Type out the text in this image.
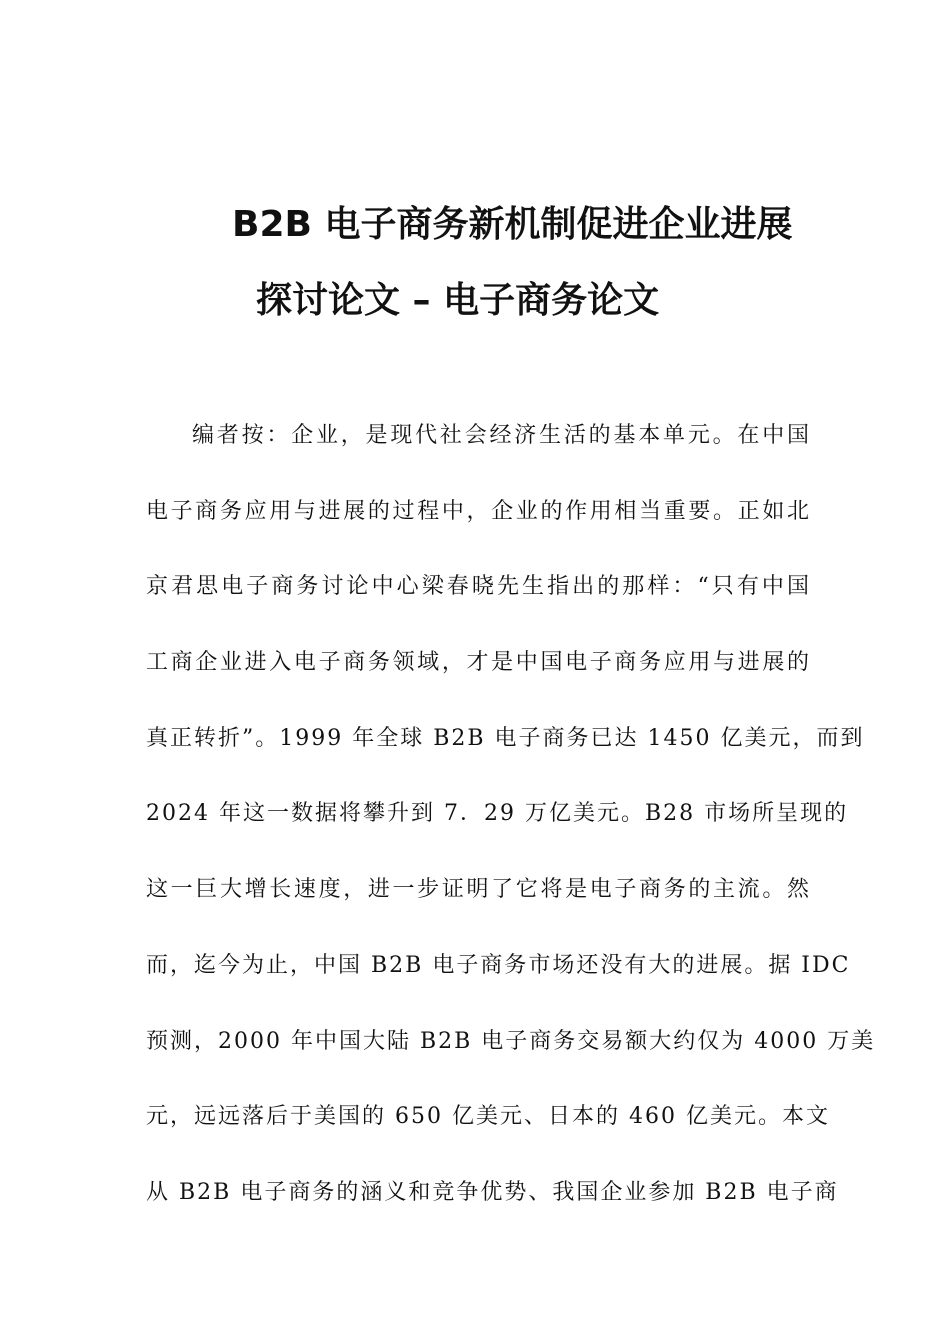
B2B 电子商务新机制促进企业进展
探讨论文 – 电子商务论文
编者按：企业，是现代社会经济生活的基本单元。在中国
电子商务应用与进展的过程中，企业的作用相当重要。正如北
京君思电子商务讨论中心梁春晓先生指出的那样：“只有中国
工商企业进入电子商务领域，才是中国电子商务应用与进展的
真正转折”。1999 年全球 B2B 电子商务已达 1450 亿美元，而到
2024 年这一数据将攀升到 7．29 万亿美元。B28 市场所呈现的
这一巨大增长速度，进一步证明了它将是电子商务的主流。然
而，迄今为止，中国 B2B 电子商务市场还没有大的进展。据 IDC
预测，2000 年中国大陆 B2B 电子商务交易额大约仅为 4000 万美
元，远远落后于美国的 650 亿美元、日本的 460 亿美元。本文
从 B2B 电子商务的涵义和竞争优势、我国企业参加 B2B 电子商
